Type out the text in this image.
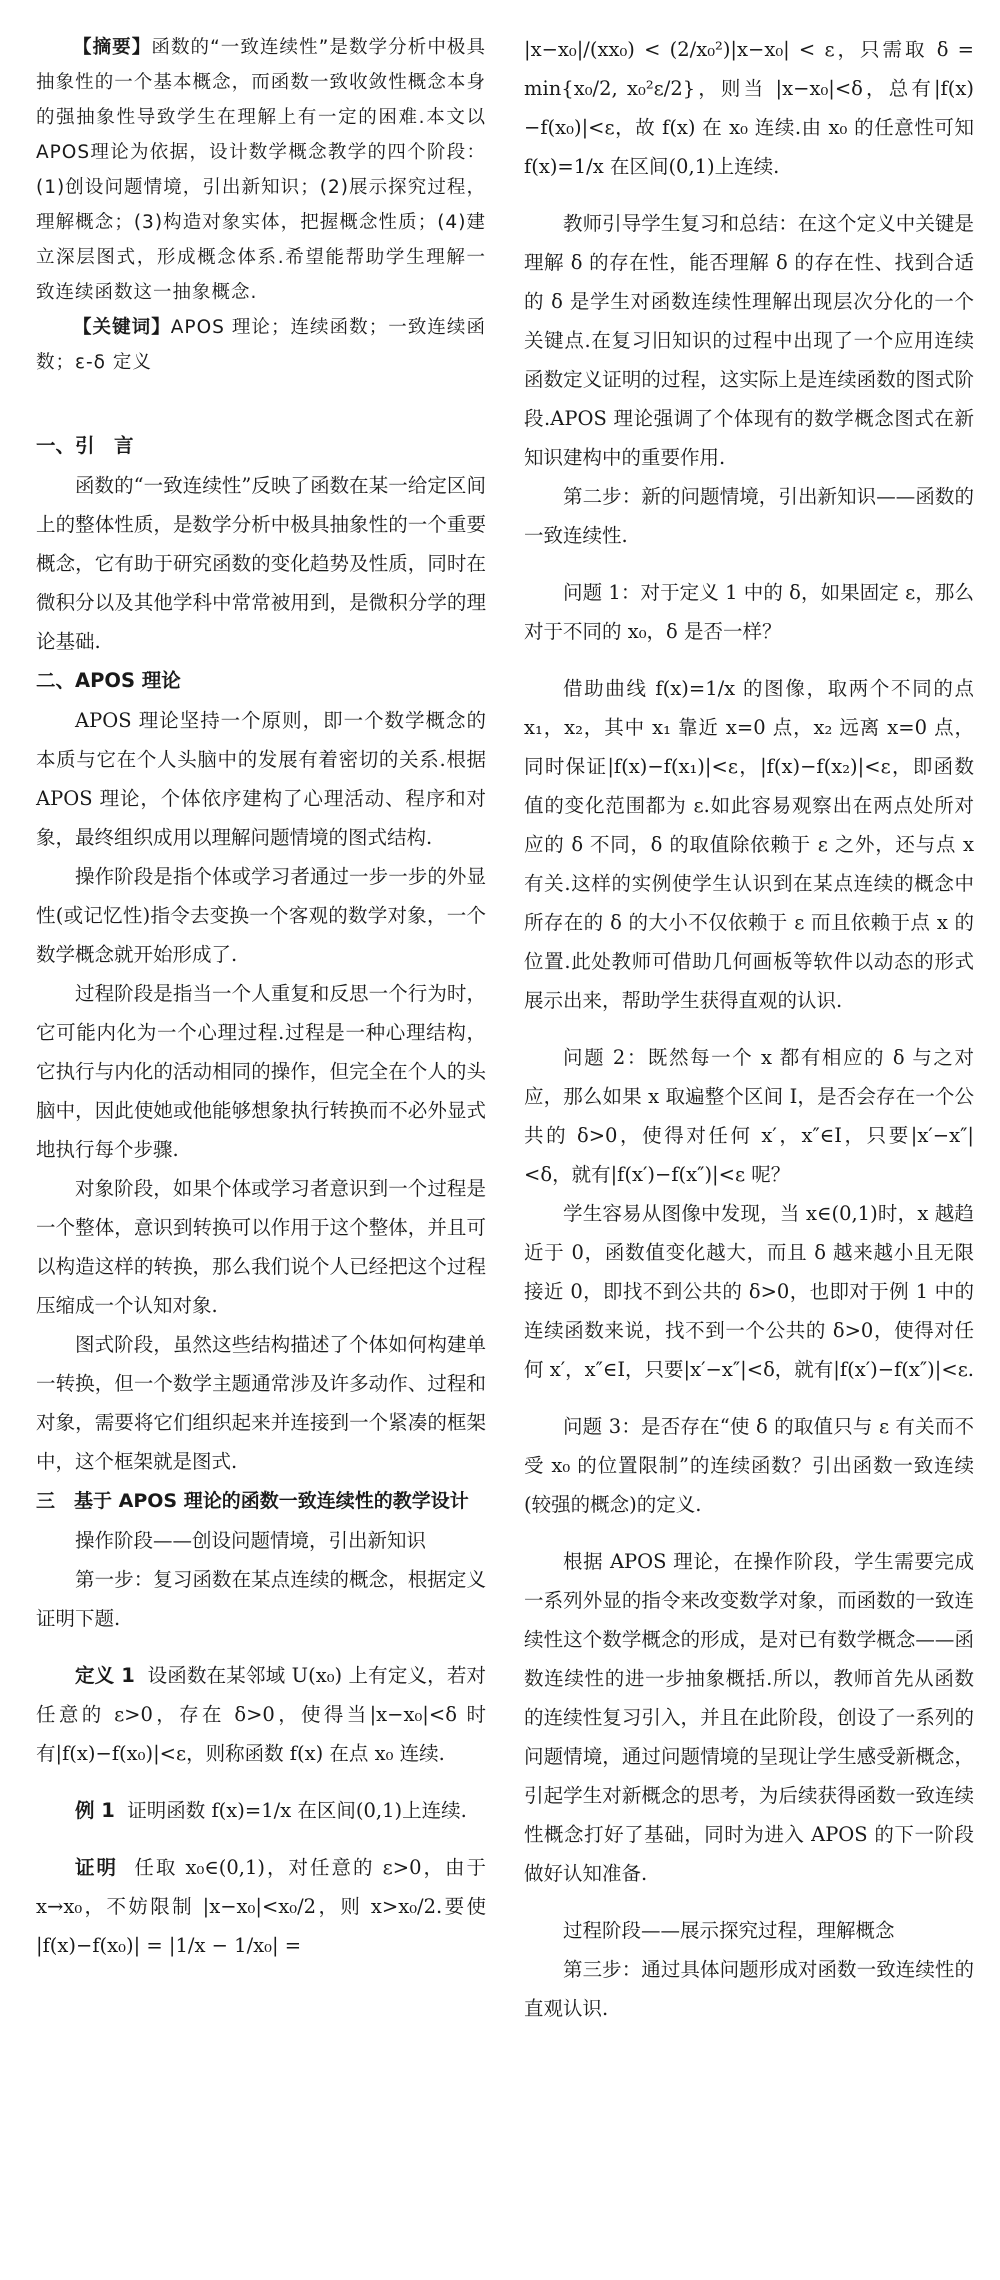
【摘要】函数的“一致连续性”是数学分析中极具抽象性的一个基本概念，而函数一致收敛性概念本身的强抽象性导致学生在理解上有一定的困难.本文以APOS理论为依据，设计数学概念教学的四个阶段：(1)创设问题情境，引出新知识；(2)展示探究过程，理解概念；(3)构造对象实体，把握概念性质；(4)建立深层图式，形成概念体系.希望能帮助学生理解一致连续函数这一抽象概念.

【关键词】APOS 理论；连续函数；一致连续函数；ε-δ 定义

一、引　言

函数的“一致连续性”反映了函数在某一给定区间上的整体性质，是数学分析中极具抽象性的一个重要概念，它有助于研究函数的变化趋势及性质，同时在微积分以及其他学科中常常被用到，是微积分学的理论基础.

二、APOS 理论

APOS 理论坚持一个原则，即一个数学概念的本质与它在个人头脑中的发展有着密切的关系.根据 APOS 理论，个体依序建构了心理活动、程序和对象，最终组织成用以理解问题情境的图式结构.

操作阶段是指个体或学习者通过一步一步的外显性(或记忆性)指令去变换一个客观的数学对象，一个数学概念就开始形成了.

过程阶段是指当一个人重复和反思一个行为时，它可能内化为一个心理过程.过程是一种心理结构，它执行与内化的活动相同的操作，但完全在个人的头脑中，因此使她或他能够想象执行转换而不必外显式地执行每个步骤.

对象阶段，如果个体或学习者意识到一个过程是一个整体，意识到转换可以作用于这个整体，并且可以构造这样的转换，那么我们说个人已经把这个过程压缩成一个认知对象.

图式阶段，虽然这些结构描述了个体如何构建单一转换，但一个数学主题通常涉及许多动作、过程和对象，需要将它们组织起来并连接到一个紧凑的框架中，这个框架就是图式.

三　基于 APOS 理论的函数一致连续性的教学设计

操作阶段——创设问题情境，引出新知识

第一步：复习函数在某点连续的概念，根据定义证明下题.

定义 1 设函数在某邻域 U(x₀) 上有定义，若对任意的 ε>0，存在 δ>0，使得当|x−x₀|<δ 时有|f(x)−f(x₀)|<ε，则称函数 f(x) 在点 x₀ 连续.

例 1 证明函数 f(x)=1/x 在区间(0,1)上连续.

证明 任取 x₀∈(0,1)，对任意的 ε>0，由于 x→x₀，不妨限制 |x−x₀|<x₀/2，则 x>x₀/2.要使 |f(x)−f(x₀)| = |1/x − 1/x₀| =

|x−x₀|/(xx₀) < (2/x₀²)|x−x₀| < ε，只需取 δ = min{x₀/2, x₀²ε/2}，则当 |x−x₀|<δ，总有|f(x)−f(x₀)|<ε，故 f(x) 在 x₀ 连续.由 x₀ 的任意性可知 f(x)=1/x 在区间(0,1)上连续.

教师引导学生复习和总结：在这个定义中关键是理解 δ 的存在性，能否理解 δ 的存在性、找到合适的 δ 是学生对函数连续性理解出现层次分化的一个关键点.在复习旧知识的过程中出现了一个应用连续函数定义证明的过程，这实际上是连续函数的图式阶段.APOS 理论强调了个体现有的数学概念图式在新知识建构中的重要作用.

第二步：新的问题情境，引出新知识——函数的一致连续性.

问题 1：对于定义 1 中的 δ，如果固定 ε，那么对于不同的 x₀，δ 是否一样？

借助曲线 f(x)=1/x 的图像，取两个不同的点 x₁，x₂，其中 x₁ 靠近 x=0 点，x₂ 远离 x=0 点，同时保证|f(x)−f(x₁)|<ε，|f(x)−f(x₂)|<ε，即函数值的变化范围都为 ε.如此容易观察出在两点处所对应的 δ 不同，δ 的取值除依赖于 ε 之外，还与点 x 有关.这样的实例使学生认识到在某点连续的概念中所存在的 δ 的大小不仅依赖于 ε 而且依赖于点 x 的位置.此处教师可借助几何画板等软件以动态的形式展示出来，帮助学生获得直观的认识.

问题 2：既然每一个 x 都有相应的 δ 与之对应，那么如果 x 取遍整个区间 I，是否会存在一个公共的 δ>0，使得对任何 x′，x″∈I，只要|x′−x″|<δ，就有|f(x′)−f(x″)|<ε 呢？

学生容易从图像中发现，当 x∈(0,1)时，x 越趋近于 0，函数值变化越大，而且 δ 越来越小且无限接近 0，即找不到公共的 δ>0，也即对于例 1 中的连续函数来说，找不到一个公共的 δ>0，使得对任何 x′，x″∈I，只要|x′−x″|<δ，就有|f(x′)−f(x″)|<ε.

问题 3：是否存在“使 δ 的取值只与 ε 有关而不受 x₀ 的位置限制”的连续函数？引出函数一致连续(较强的概念)的定义.

根据 APOS 理论，在操作阶段，学生需要完成一系列外显的指令来改变数学对象，而函数的一致连续性这个数学概念的形成，是对已有数学概念——函数连续性的进一步抽象概括.所以，教师首先从函数的连续性复习引入，并且在此阶段，创设了一系列的问题情境，通过问题情境的呈现让学生感受新概念，引起学生对新概念的思考，为后续获得函数一致连续性概念打好了基础，同时为进入 APOS 的下一阶段做好认知准备.

过程阶段——展示探究过程，理解概念

第三步：通过具体问题形成对函数一致连续性的直观认识.
